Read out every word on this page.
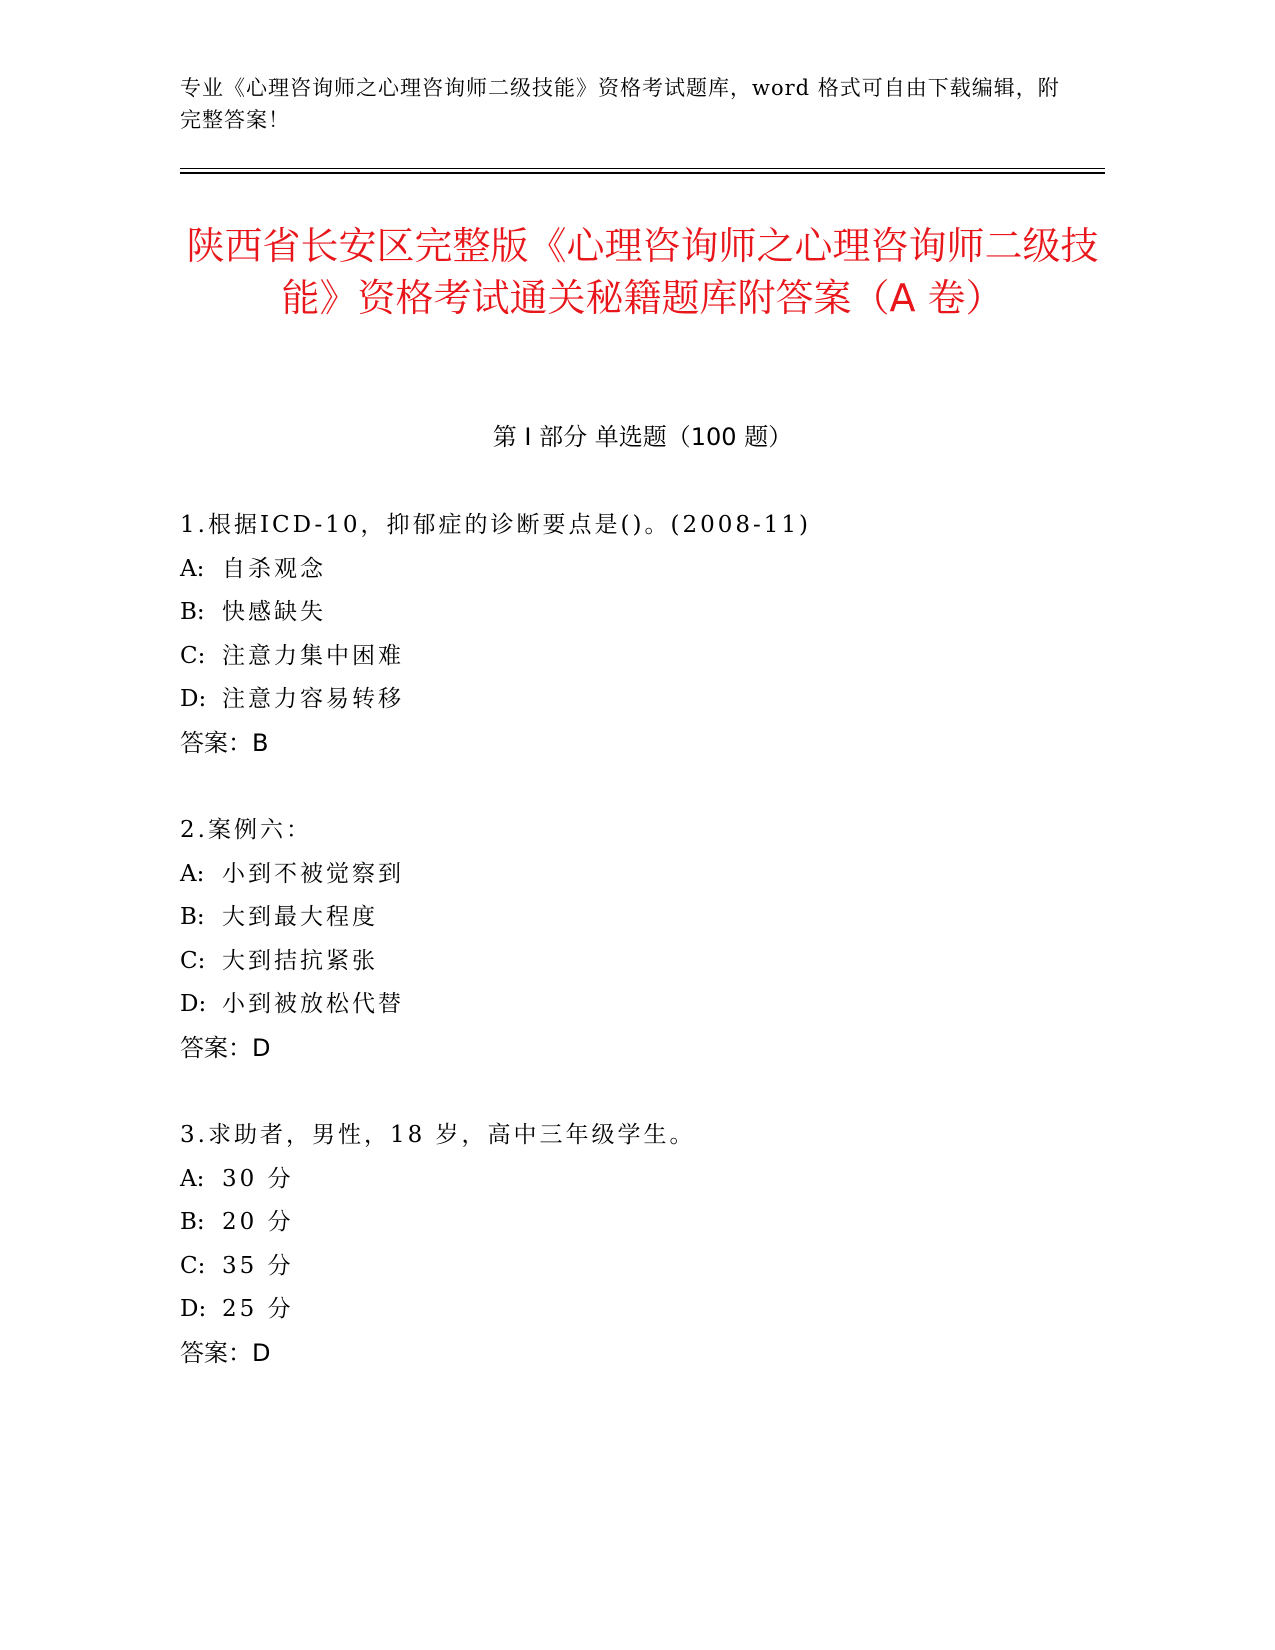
专业《心理咨询师之心理咨询师二级技能》资格考试题库，word 格式可自由下载编辑，附完整答案！
陕西省长安区完整版《心理咨询师之心理咨询师二级技能》资格考试通关秘籍题库附答案（A 卷）
第 I 部分 单选题（100 题）
1.根据ICD-10，抑郁症的诊断要点是()。(2008-11)
A: 自杀观念
B: 快感缺失
C: 注意力集中困难
D: 注意力容易转移
答案：B
2.案例六：
A: 小到不被觉察到
B: 大到最大程度
C: 大到拮抗紧张
D: 小到被放松代替
答案：D
3.求助者，男性，18 岁，高中三年级学生。
A: 30 分
B: 20 分
C: 35 分
D: 25 分
答案：D
